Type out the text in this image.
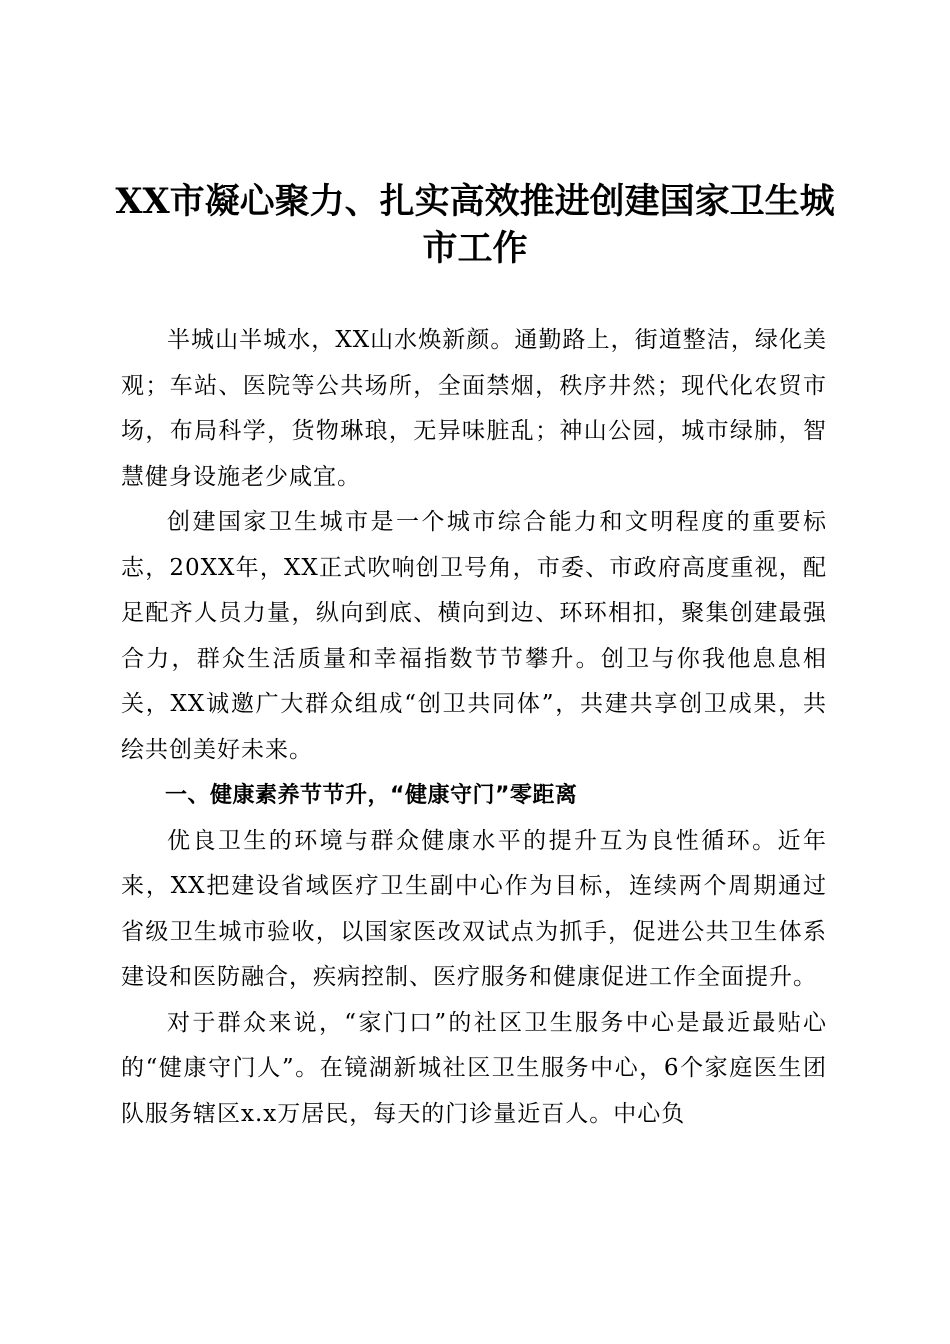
XX市凝心聚力、扎实高效推进创建国家卫生城市工作

半城山半城水，XX山水焕新颜。通勤路上，街道整洁，绿化美观；车站、医院等公共场所，全面禁烟，秩序井然；现代化农贸市场，布局科学，货物琳琅，无异味脏乱；神山公园，城市绿肺，智慧健身设施老少咸宜。

创建国家卫生城市是一个城市综合能力和文明程度的重要标志，20XX年，XX正式吹响创卫号角，市委、市政府高度重视，配足配齐人员力量，纵向到底、横向到边、环环相扣，聚集创建最强合力，群众生活质量和幸福指数节节攀升。创卫与你我他息息相关，XX诚邀广大群众组成“创卫共同体”，共建共享创卫成果，共绘共创美好未来。

一、健康素养节节升，“健康守门”零距离

优良卫生的环境与群众健康水平的提升互为良性循环。近年来，XX把建设省域医疗卫生副中心作为目标，连续两个周期通过省级卫生城市验收，以国家医改双试点为抓手，促进公共卫生体系建设和医防融合，疾病控制、医疗服务和健康促进工作全面提升。

对于群众来说，“家门口”的社区卫生服务中心是最近最贴心的“健康守门人”。在镜湖新城社区卫生服务中心，6个家庭医生团队服务辖区x.x万居民，每天的门诊量近百人。中心负
